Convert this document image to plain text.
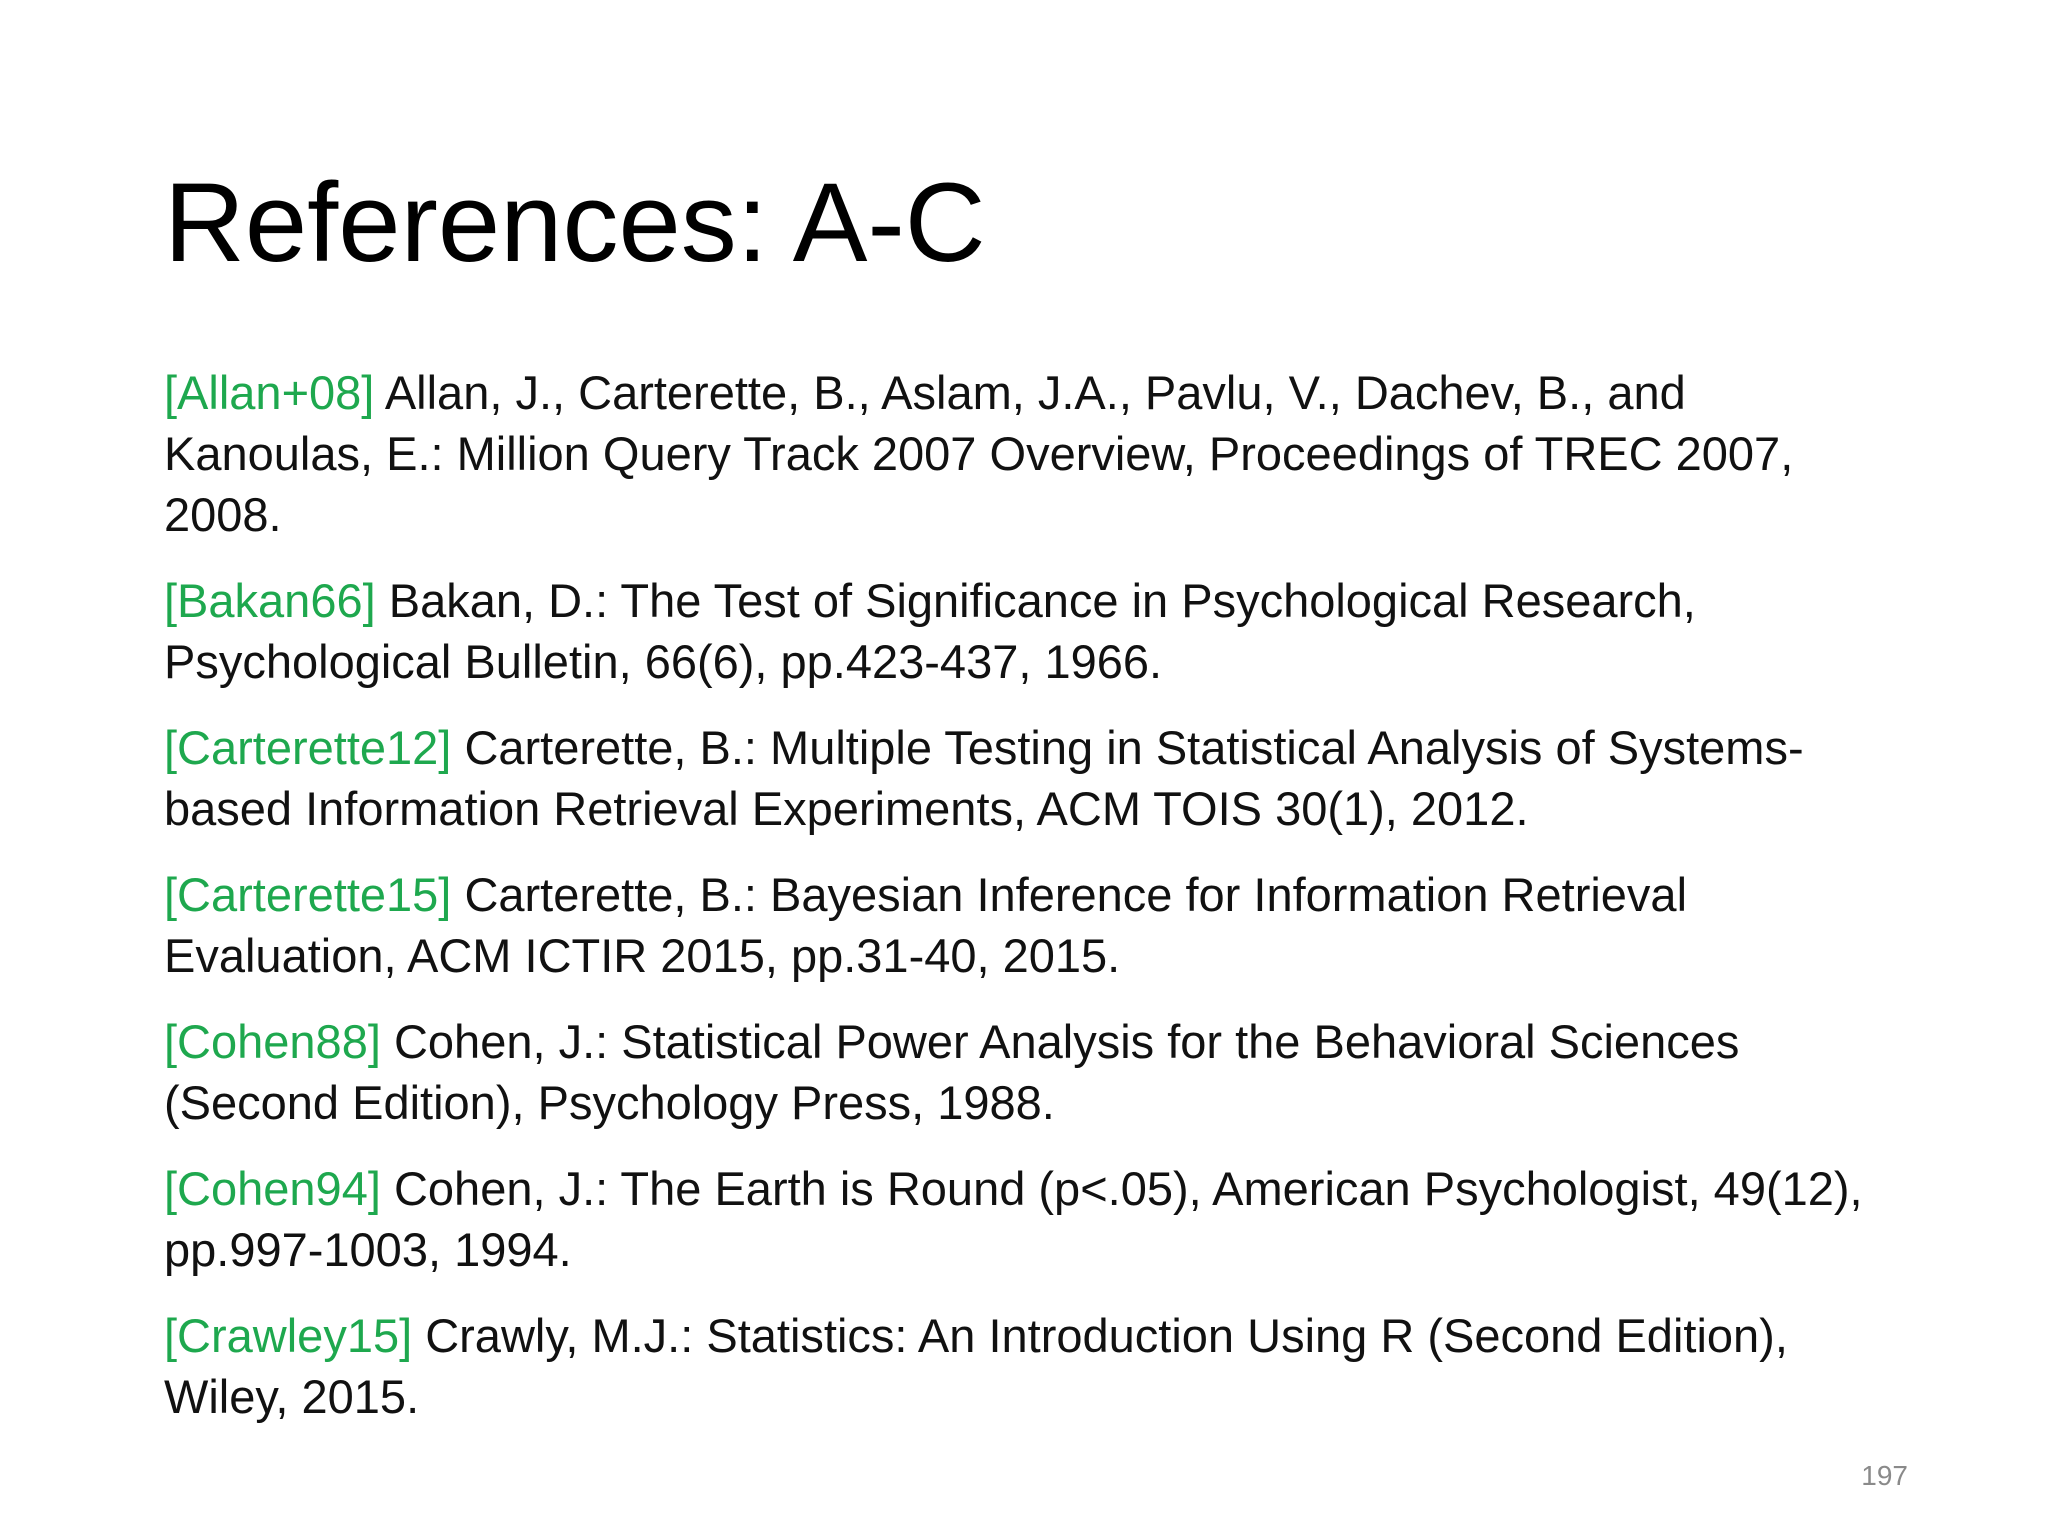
References: A-C

[Allan+08] Allan, J., Carterette, B., Aslam, J.A., Pavlu, V., Dachev, B., and Kanoulas, E.: Million Query Track 2007 Overview, Proceedings of TREC 2007, 2008.

[Bakan66] Bakan, D.: The Test of Significance in Psychological Research, Psychological Bulletin, 66(6), pp.423-437, 1966.

[Carterette12] Carterette, B.: Multiple Testing in Statistical Analysis of Systems-based Information Retrieval Experiments, ACM TOIS 30(1), 2012.

[Carterette15] Carterette, B.: Bayesian Inference for Information Retrieval Evaluation, ACM ICTIR 2015, pp.31-40, 2015.

[Cohen88] Cohen, J.: Statistical Power Analysis for the Behavioral Sciences (Second Edition), Psychology Press, 1988.

[Cohen94] Cohen, J.: The Earth is Round (p<.05), American Psychologist, 49(12), pp.997-1003, 1994.

[Crawley15] Crawly, M.J.: Statistics: An Introduction Using R (Second Edition), Wiley, 2015.

197
